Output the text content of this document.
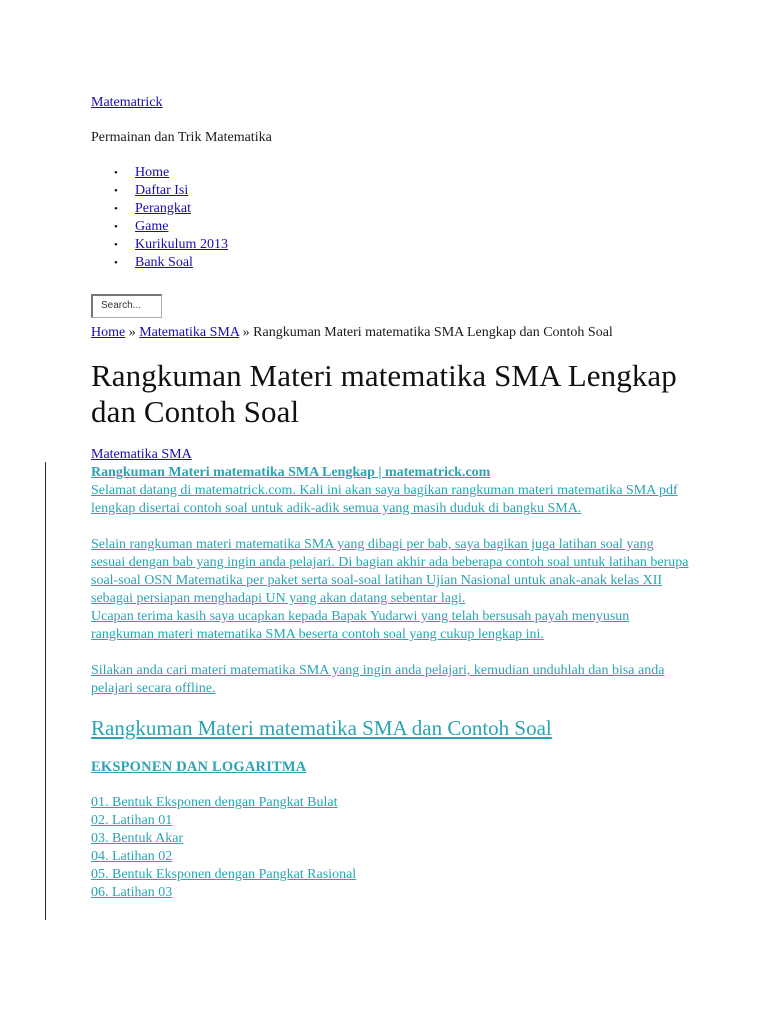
Matematrick

Permainan dan Trik Matematika

• Home
• Daftar Isi
• Perangkat
• Game
• Kurikulum 2013
• Bank Soal
Search...
Home » Matematika SMA » Rangkuman Materi matematika SMA Lengkap dan Contoh Soal
Rangkuman Materi matematika SMA Lengkap dan Contoh Soal
Matematika SMA
Rangkuman Materi matematika SMA Lengkap | matematrick.com
Selamat datang di matematrick.com. Kali ini akan saya bagikan rangkuman materi matematika SMA pdf lengkap disertai contoh soal untuk adik-adik semua yang masih duduk di bangku SMA.
Selain rangkuman materi matematika SMA yang dibagi per bab, saya bagikan juga latihan soal yang sesuai dengan bab yang ingin anda pelajari. Di bagian akhir ada beberapa contoh soal untuk latihan berupa soal-soal OSN Matematika per paket serta soal-soal latihan Ujian Nasional untuk anak-anak kelas XII sebagai persiapan menghadapi UN yang akan datang sebentar lagi.
Ucapan terima kasih saya ucapkan kepada Bapak Yudarwi yang telah bersusah payah menyusun rangkuman materi matematika SMA beserta contoh soal yang cukup lengkap ini.
Silakan anda cari materi matematika SMA yang ingin anda pelajari, kemudian unduhlah dan bisa anda pelajari secara offline.
Rangkuman Materi matematika SMA dan Contoh Soal
EKSPONEN DAN LOGARITMA
01. Bentuk Eksponen dengan Pangkat Bulat
02. Latihan 01
03. Bentuk Akar
04. Latihan 02
05. Bentuk Eksponen dengan Pangkat Rasional
06. Latihan 03
